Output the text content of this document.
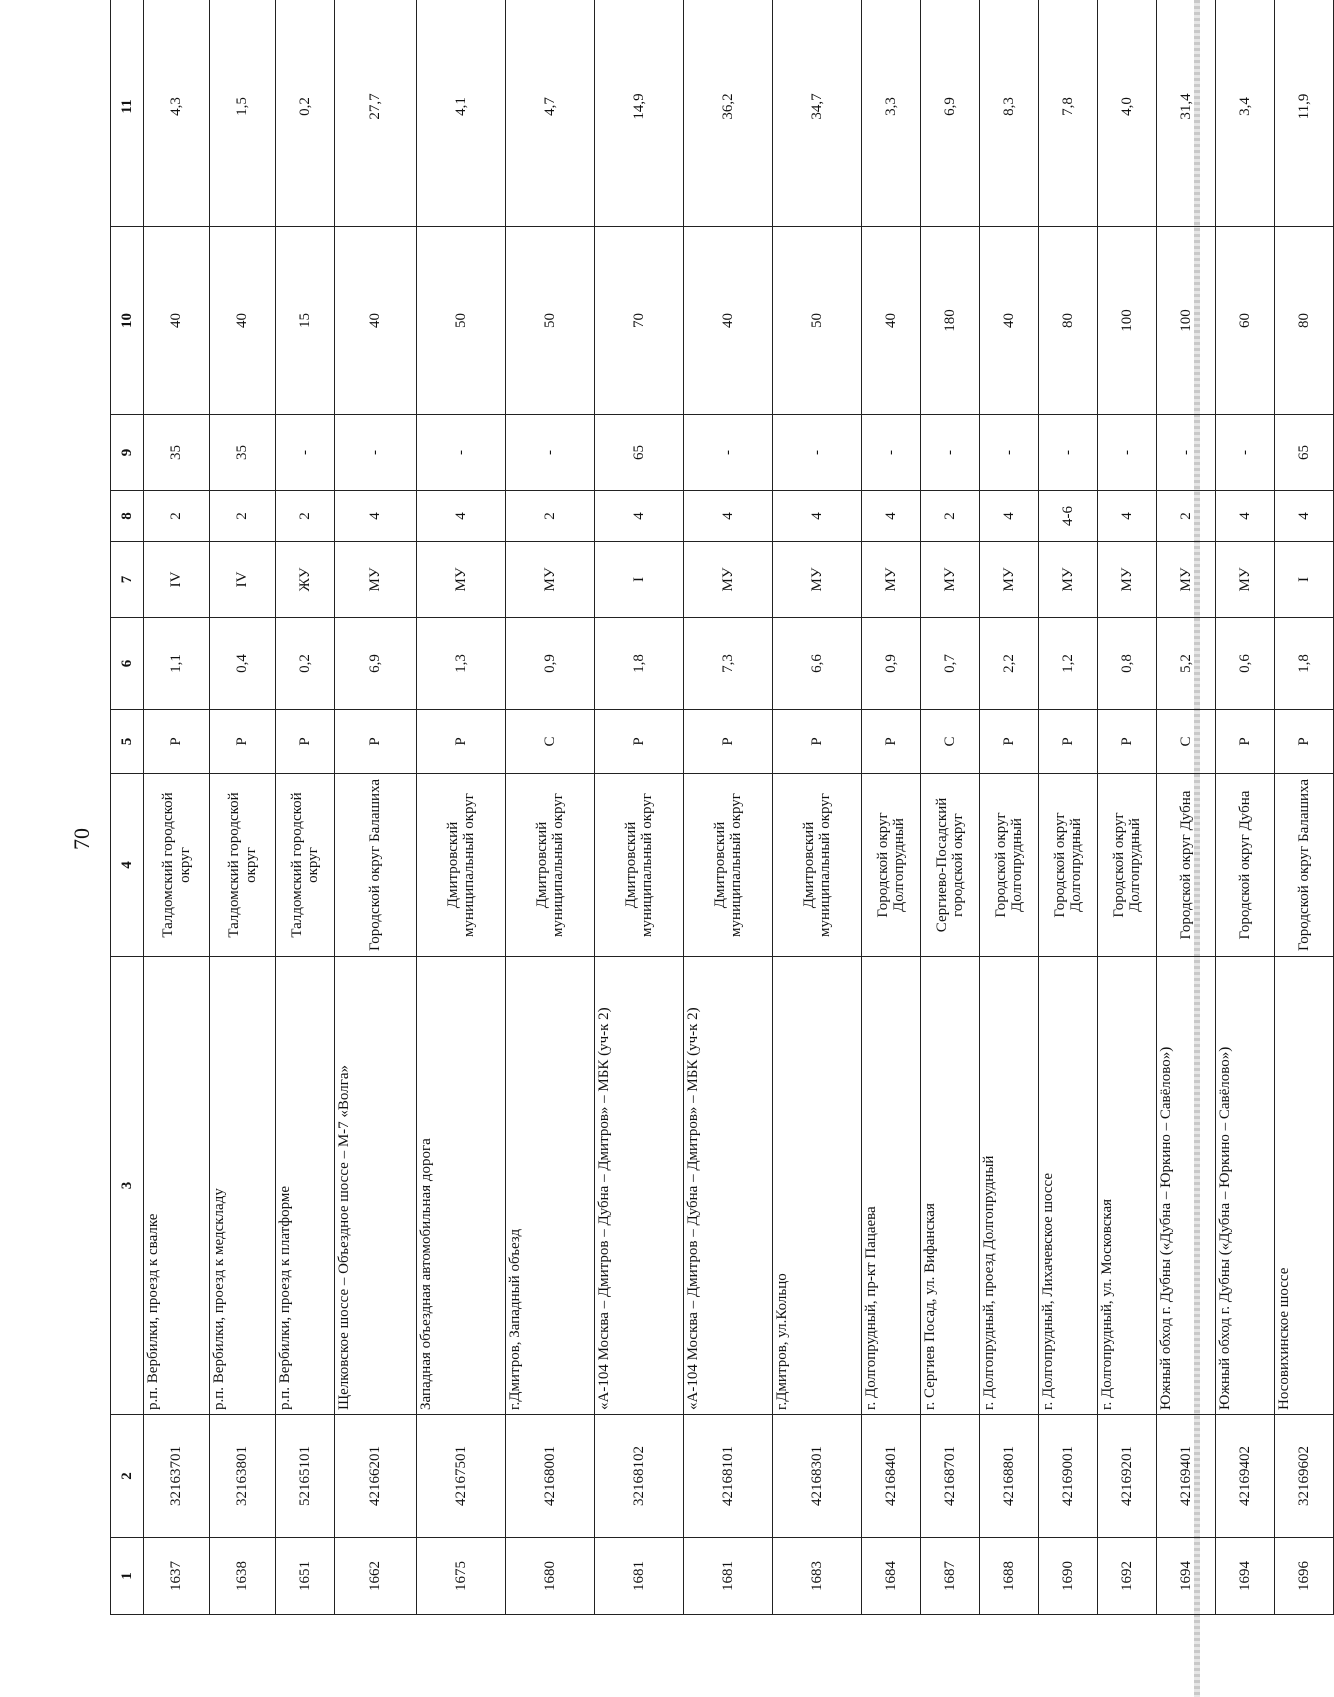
70
1	2	3	4	5	6	7	8	9	10	11
1637	32163701	р.п. Вербилки, проезд к свалке	Талдомский городской округ	Р	1,1	IV	2	35	40	4,3
1638	32163801	р.п. Вербилки, проезд к медскладу	Талдомский городской округ	Р	0,4	IV	2	35	40	1,5
1651	52165101	р.п. Вербилки, проезд к платформе	Талдомский городской округ	Р	0,2	ЖУ	2	-	15	0,2
1662	42166201	Щелковское шоссе – Объездное шоссе – М-7 «Волга»	Городской округ Балашиха	Р	6,9	МУ	4	-	40	27,7
1675	42167501	Западная объездная автомобильная дорога	Дмитровский муниципальный округ	Р	1,3	МУ	4	-	50	4,1
1680	42168001	г.Дмитров, Западный объезд	Дмитровский муниципальный округ	С	0,9	МУ	2	-	50	4,7
1681	32168102	«А-104 Москва – Дмитров – Дубна – Дмитров» – МБК (уч-к 2)	Дмитровский муниципальный округ	Р	1,8	I	4	65	70	14,9
1681	42168101	«А-104 Москва – Дмитров – Дубна – Дмитров» – МБК (уч-к 2)	Дмитровский муниципальный округ	Р	7,3	МУ	4	-	40	36,2
1683	42168301	г.Дмитров, ул.Кольцо	Дмитровский муниципальный округ	Р	6,6	МУ	4	-	50	34,7
1684	42168401	г. Долгопрудный, пр-кт Пацаева	Городской округ Долгопрудный	Р	0,9	МУ	4	-	40	3,3
1687	42168701	г. Сергиев Посад, ул. Вифанская	Сергиево-Посадский городской округ	С	0,7	МУ	2	-	180	6,9
1688	42168801	г. Долгопрудный, проезд Долгопрудный	Городской округ Долгопрудный	Р	2,2	МУ	4	-	40	8,3
1690	42169001	г. Долгопрудный, Лихачевское шоссе	Городской округ Долгопрудный	Р	1,2	МУ	4-6	-	80	7,8
1692	42169201	г. Долгопрудный, ул. Московская	Городской округ Долгопрудный	Р	0,8	МУ	4	-	100	4,0
1694	42169401	Южный обход г. Дубны («Дубна – Юркино – Савёлово»)	Городской округ Дубна	С	5,2	МУ	2	-	100	31,4
1694	42169402	Южный обход г. Дубны («Дубна – Юркино – Савёлово»)	Городской округ Дубна	Р	0,6	МУ	4	-	60	3,4
1696	32169602	Носовихинское шоссе	Городской округ Балашиха	Р	1,8	I	4	65	80	11,9
